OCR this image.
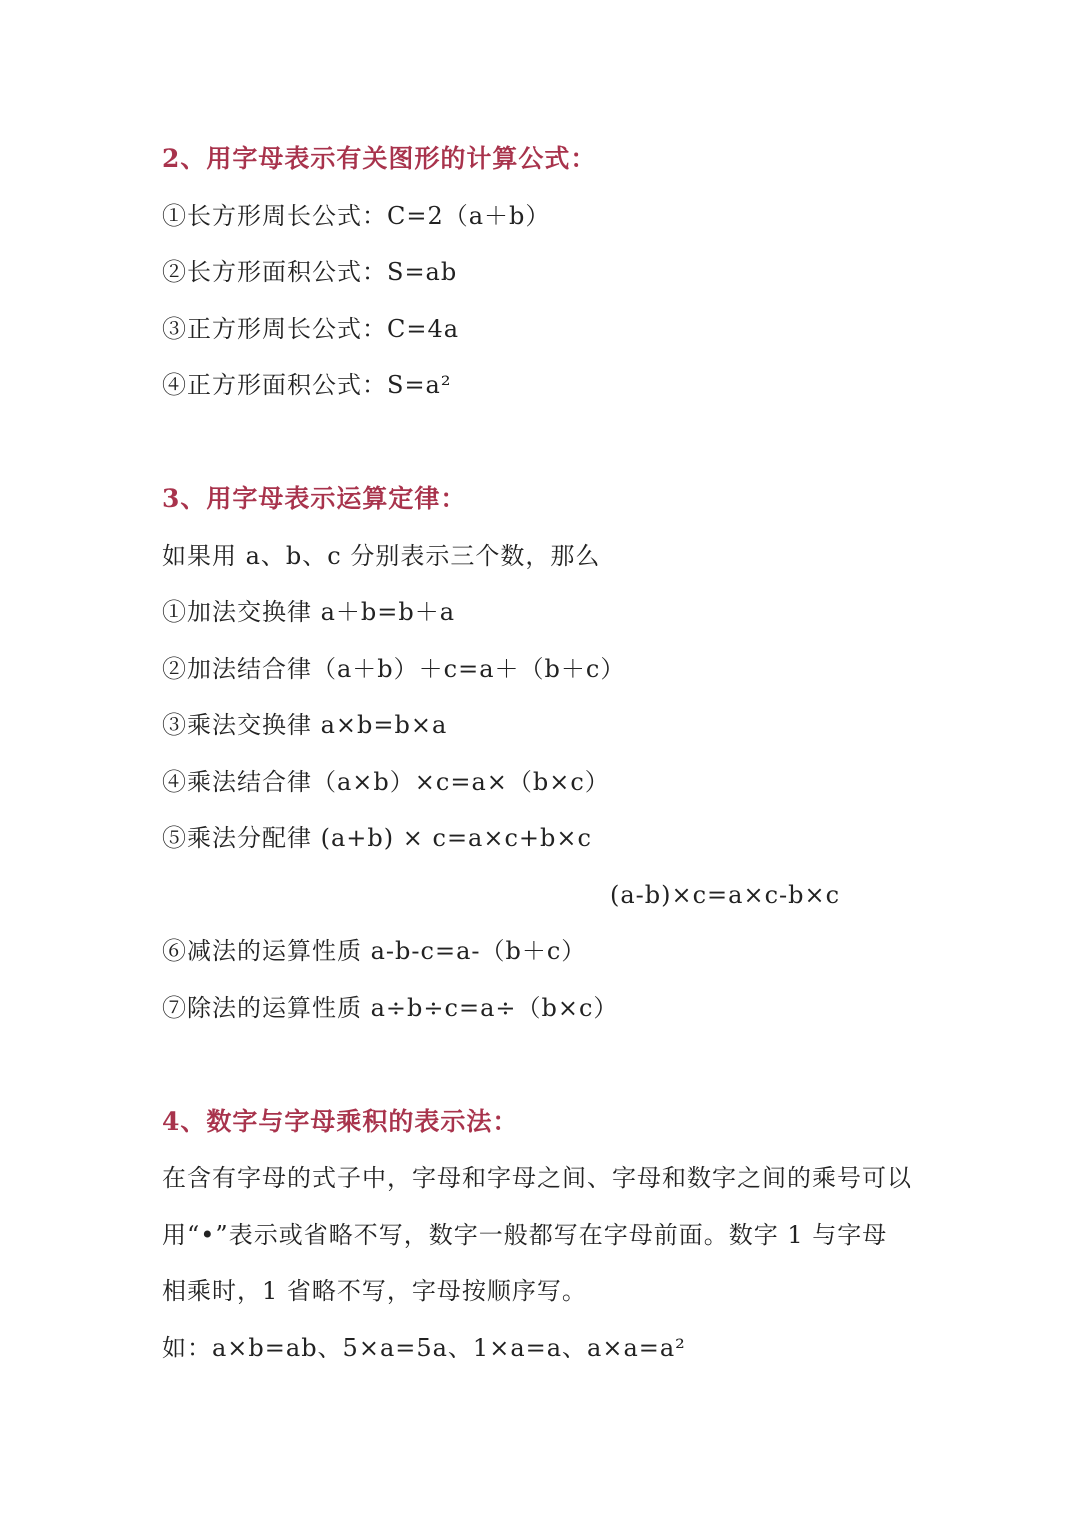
2、用字母表示有关图形的计算公式：
①长方形周长公式：C=2（a＋b）
②长方形面积公式：S=ab
③正方形周长公式：C=4a
④正方形面积公式：S=a²
3、用字母表示运算定律：
如果用 a、b、c 分别表示三个数，那么
①加法交换律 a＋b=b＋a
②加法结合律（a＋b）＋c=a＋（b＋c）
③乘法交换律 a×b=b×a
④乘法结合律（a×b）×c=a×（b×c）
⑤乘法分配律 (a+b) × c=a×c+b×c
(a-b)×c=a×c-b×c
⑥减法的运算性质 a-b-c=a-（b＋c）
⑦除法的运算性质 a÷b÷c=a÷（b×c）
4、数字与字母乘积的表示法：
在含有字母的式子中，字母和字母之间、字母和数字之间的乘号可以
用“•”表示或省略不写，数字一般都写在字母前面。数字 1 与字母
相乘时，1 省略不写，字母按顺序写。
如：a×b=ab、5×a=5a、1×a=a、a×a=a²
